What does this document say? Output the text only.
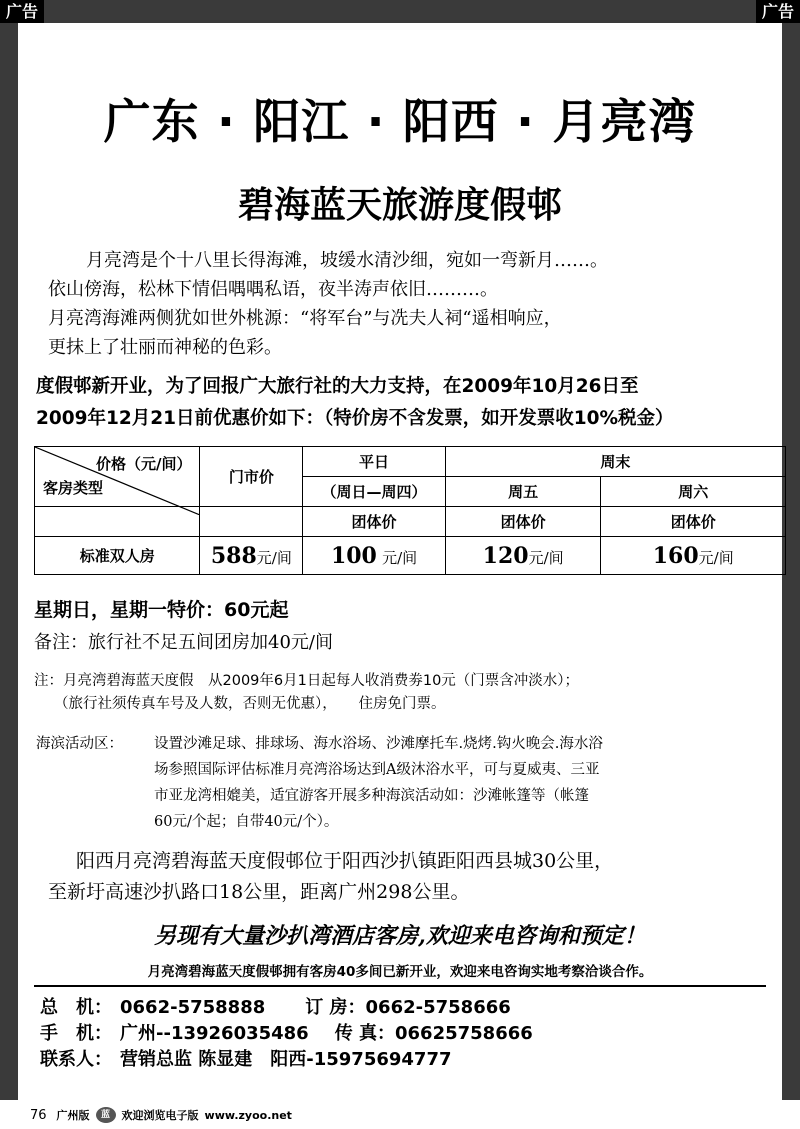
广告	广告
广东 · 阳江 · 阳西 · 月亮湾
碧海蓝天旅游度假邨

月亮湾是个十八里长得海滩，坡缓水清沙细，宛如一弯新月……。

依山傍海，松林下情侣喁喁私语，夜半涛声依旧………。

月亮湾海滩两侧犹如世外桃源：“将军台”与冼夫人祠“遥相响应，

更抹上了壮丽而神秘的色彩。

度假邨新开业，为了回报广大旅行社的大力支持，在2009年10月26日至
2009年12月21日前优惠价如下：（特价房不含发票，如开发票收10%税金）
价格（元/间）
客房类型	门市价	平日	周末	
		（周日—周四）	周五	周六
		团体价	团体价	团体价
标准双人房	588元/间	100 元/间	120元/间	160元/间
星期日，星期一特价：60元起
备注：旅行社不足五间团房加40元/间

注：月亮湾碧海蓝天度假　从2009年6月1日起每人收消费劵10元（门票含冲淡水）；

（旅行社须传真车号及人数，否则无优惠），　　住房免门票。

海滨活动区：	设置沙滩足球、排球场、海水浴场、沙滩摩托车.烧烤.钩火晚会.海水浴

场参照国际评估标准月亮湾浴场达到A级沐浴水平，可与夏威夷、三亚

市亚龙湾相媲美，适宜游客开展多种海滨活动如：沙滩帐篷等（帐篷

60元/个起；自带40元/个）。

阳西月亮湾碧海蓝天度假邨位于阳西沙扒镇距阳西县城30公里，

至新圩高速沙扒路口18公里，距离广州298公里。

另现有大量沙扒湾酒店客房,欢迎来电咨询和预定！
月亮湾碧海蓝天度假邨拥有客房40多间已新开业，欢迎来电咨询实地考察洽谈合作。
总　机： 0662-5758888 订 房：0662-5758666
手　机： 广州--13926035486 传 真：06625758666
联系人： 营销总监 陈显建　阳西-15975694777
76 广州版	蓝	欢迎浏览电子版 www.zyoo.net
